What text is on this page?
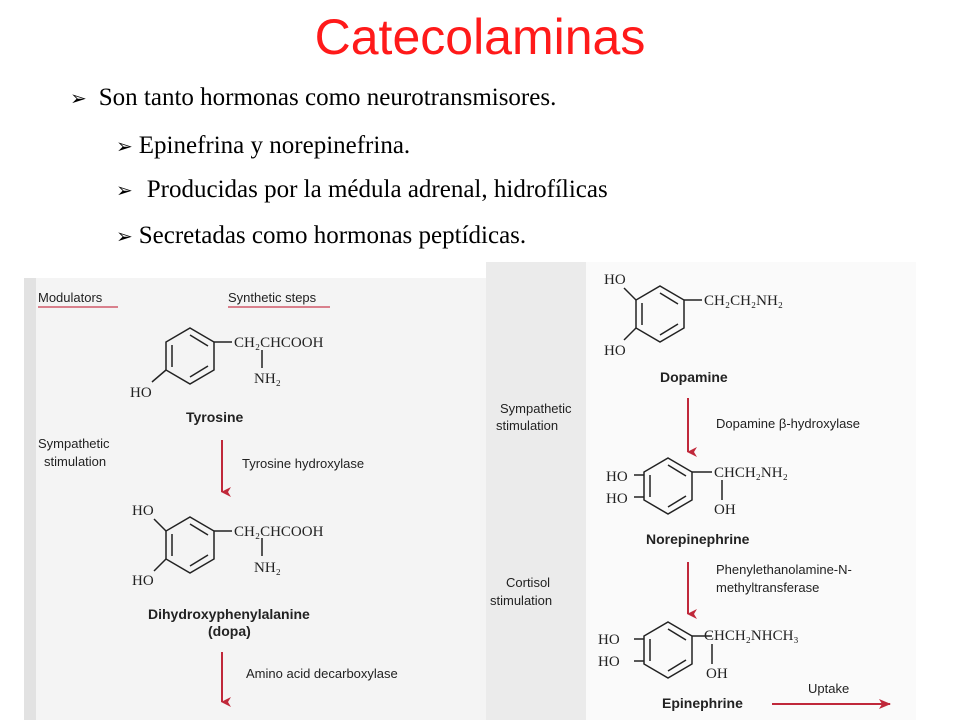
Catecolaminas
➢ Son tanto hormonas como neurotransmisores.
➢ Epinefrina y norepinefrina.
➢ Producidas por la médula adrenal, hidrofílicas
➢ Secretadas como hormonas peptídicas.
Modulators	Synthetic steps
CH₂CHCOOH
NH₂
HO
Tyrosine
Sympathetic
stimulation	Tyrosine hydroxylase
HO
HO
CH₂CHCOOH
NH₂
Dihydroxyphenylalanine
(dopa)
Amino acid decarboxylase
HO
HO
CH₂CH₂NH₂
Dopamine
Sympathetic
stimulation	Dopamine β-hydroxylase
HO
HO
CHCH₂NH₂
OH
Norepinephrine
Cortisol
stimulation
Phenylethanolamine-N-
methyltransferase
HO
HO
CHCH₂NHCH₃
OH
Epinephrine
Uptake
